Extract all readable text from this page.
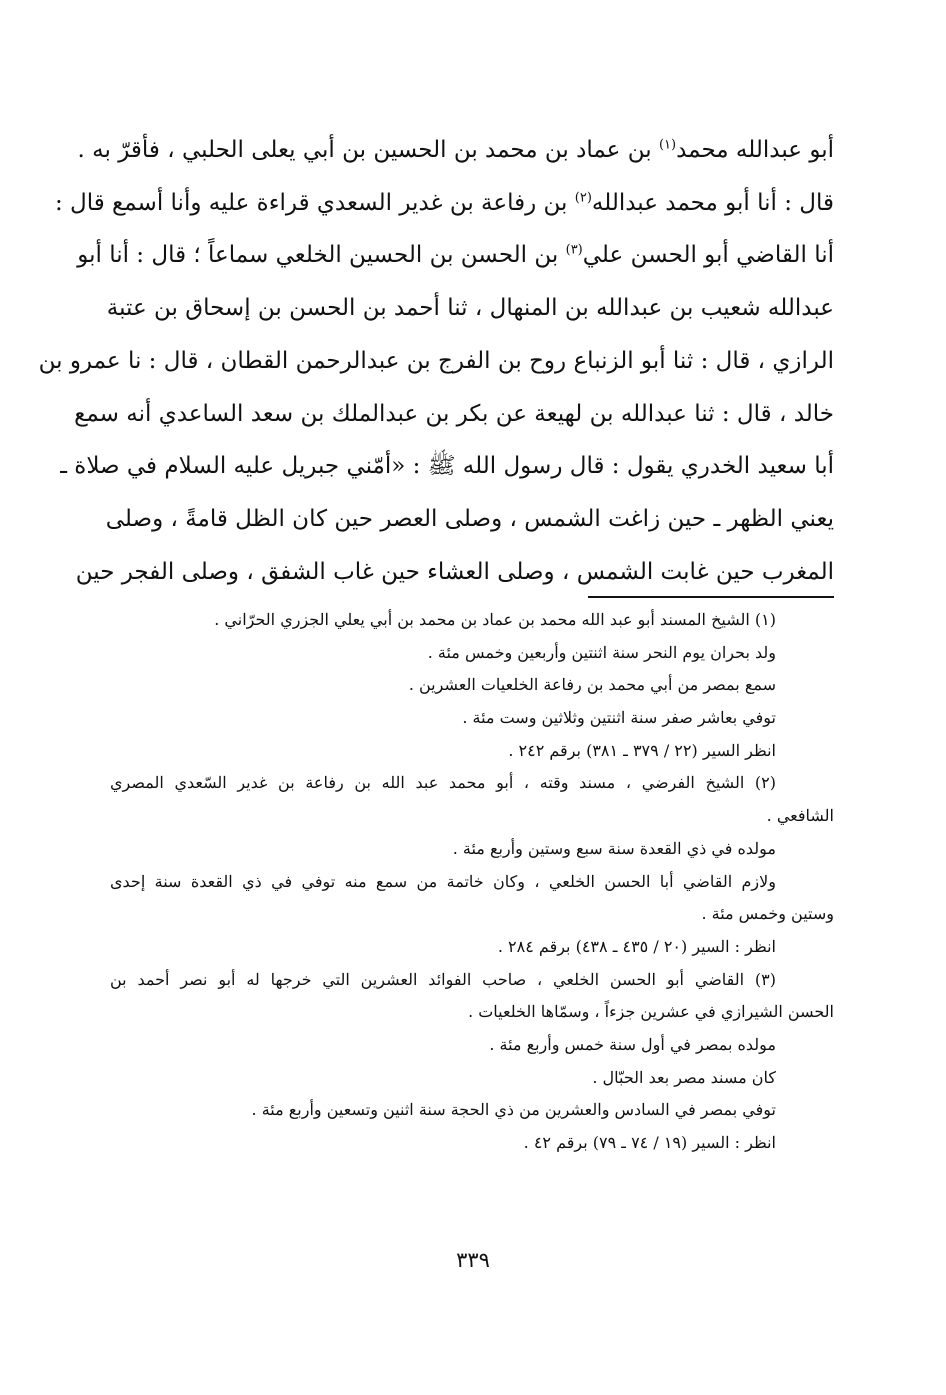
أبو عبدالله محمد$^{(١)}$ بن عماد بن محمد بن الحسين بن أبي يعلى الحلبي ، فأقرّ به .
قال : أنا أبو محمد عبدالله$^{(٢)}$ بن رفاعة بن غدير السعدي قراءة عليه وأنا أسمع قال :
أنا القاضي أبو الحسن علي$^{(٣)}$ بن الحسن بن الحسين الخلعي سماعاً ؛ قال : أنا أبو
عبدالله شعيب بن عبدالله بن المنهال ، ثنا أحمد بن الحسن بن إسحاق بن عتبة
الرازي ، قال : ثنا أبو الزنباع روح بن الفرج بن عبدالرحمن القطان ، قال : نا عمرو بن
خالد ، قال : ثنا عبدالله بن لهيعة عن بكر بن عبدالملك بن سعد الساعدي أنه سمع
أبا سعيد الخدري يقول : قال رسول الله ﷺ : «أمّني جبريل عليه السلام في صلاة ـ
يعني الظهر ـ حين زاغت الشمس ، وصلى العصر حين كان الظل قامةً ، وصلى
المغرب حين غابت الشمس ، وصلى العشاء حين غاب الشفق ، وصلى الفجر حين
(١) الشيخ المسند أبو عبد الله محمد بن عماد بن محمد بن أبي يعلي الجزري الحرّاني .
ولد بحران يوم النحر سنة اثنتين وأربعين وخمس مئة .
سمع بمصر من أبي محمد بن رفاعة الخلعيات العشرين .
توفي بعاشر صفر سنة اثنتين وثلاثين وست مئة .
انظر السير (٢٢ / ٣٧٩ ـ ٣٨١) برقم ٢٤٢ .
(٢) الشيخ الفرضي ، مسند وقته ، أبو محمد عبد الله بن رفاعة بن غدير السّعدي المصري
الشافعي .
مولده في ذي القعدة سنة سبع وستين وأربع مئة .
ولازم القاضي أبا الحسن الخلعي ، وكان خاتمة من سمع منه توفي في ذي القعدة سنة إحدى
وستين وخمس مئة .
انظر : السير (٢٠ / ٤٣٥ ـ ٤٣٨) برقم ٢٨٤ .
(٣) القاضي أبو الحسن الخلعي ، صاحب الفوائد العشرين التي خرجها له أبو نصر أحمد بن
الحسن الشيرازي في عشرين جزءاً ، وسمّاها الخلعيات .
مولده بمصر في أول سنة خمس وأربع مئة .
كان مسند مصر بعد الحبّال .
توفي بمصر في السادس والعشرين من ذي الحجة سنة اثنين وتسعين وأربع مئة .
انظر : السير (١٩ / ٧٤ ـ ٧٩) برقم ٤٢ .
٣٣٩
